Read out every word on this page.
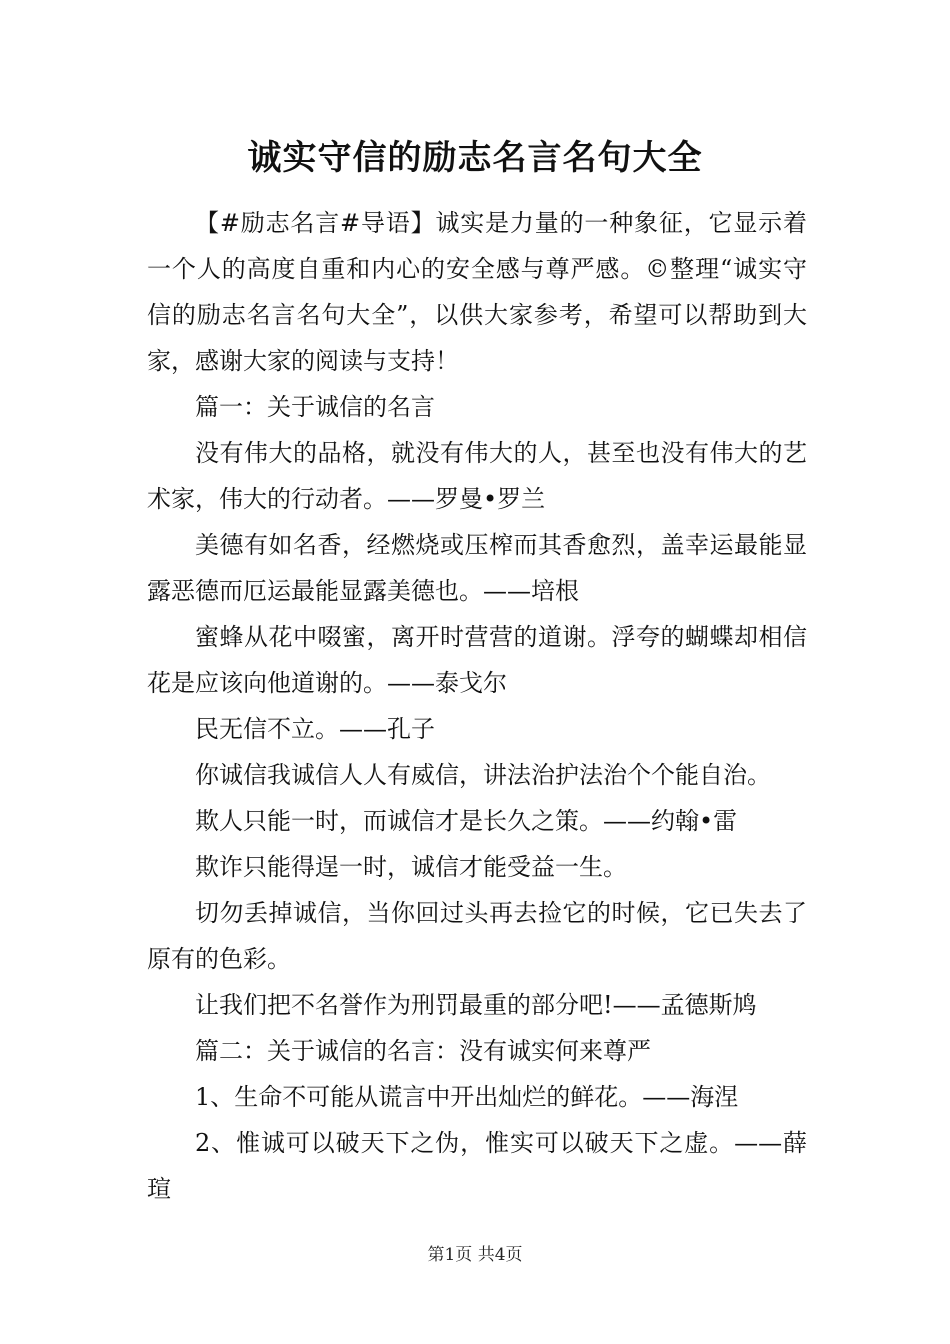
诚实守信的励志名言名句大全

【#励志名言#导语】诚实是力量的一种象征，它显示着一个人的高度自重和内心的安全感与尊严感。©整理“诚实守信的励志名言名句大全”，以供大家参考，希望可以帮助到大家，感谢大家的阅读与支持！

篇一：关于诚信的名言

没有伟大的品格，就没有伟大的人，甚至也没有伟大的艺术家，伟大的行动者。——罗曼•罗兰

美德有如名香，经燃烧或压榨而其香愈烈，盖幸运最能显露恶德而厄运最能显露美德也。——培根

蜜蜂从花中啜蜜，离开时营营的道谢。浮夸的蝴蝶却相信花是应该向他道谢的。——泰戈尔

民无信不立。——孔子

你诚信我诚信人人有威信，讲法治护法治个个能自治。

欺人只能一时，而诚信才是长久之策。——约翰•雷

欺诈只能得逞一时，诚信才能受益一生。

切勿丢掉诚信，当你回过头再去捡它的时候，它已失去了原有的色彩。

让我们把不名誉作为刑罚最重的部分吧!——孟德斯鸠

篇二：关于诚信的名言：没有诚实何来尊严

1、生命不可能从谎言中开出灿烂的鲜花。——海涅

2、惟诚可以破天下之伪，惟实可以破天下之虚。——薛瑄

第1页 共4页
